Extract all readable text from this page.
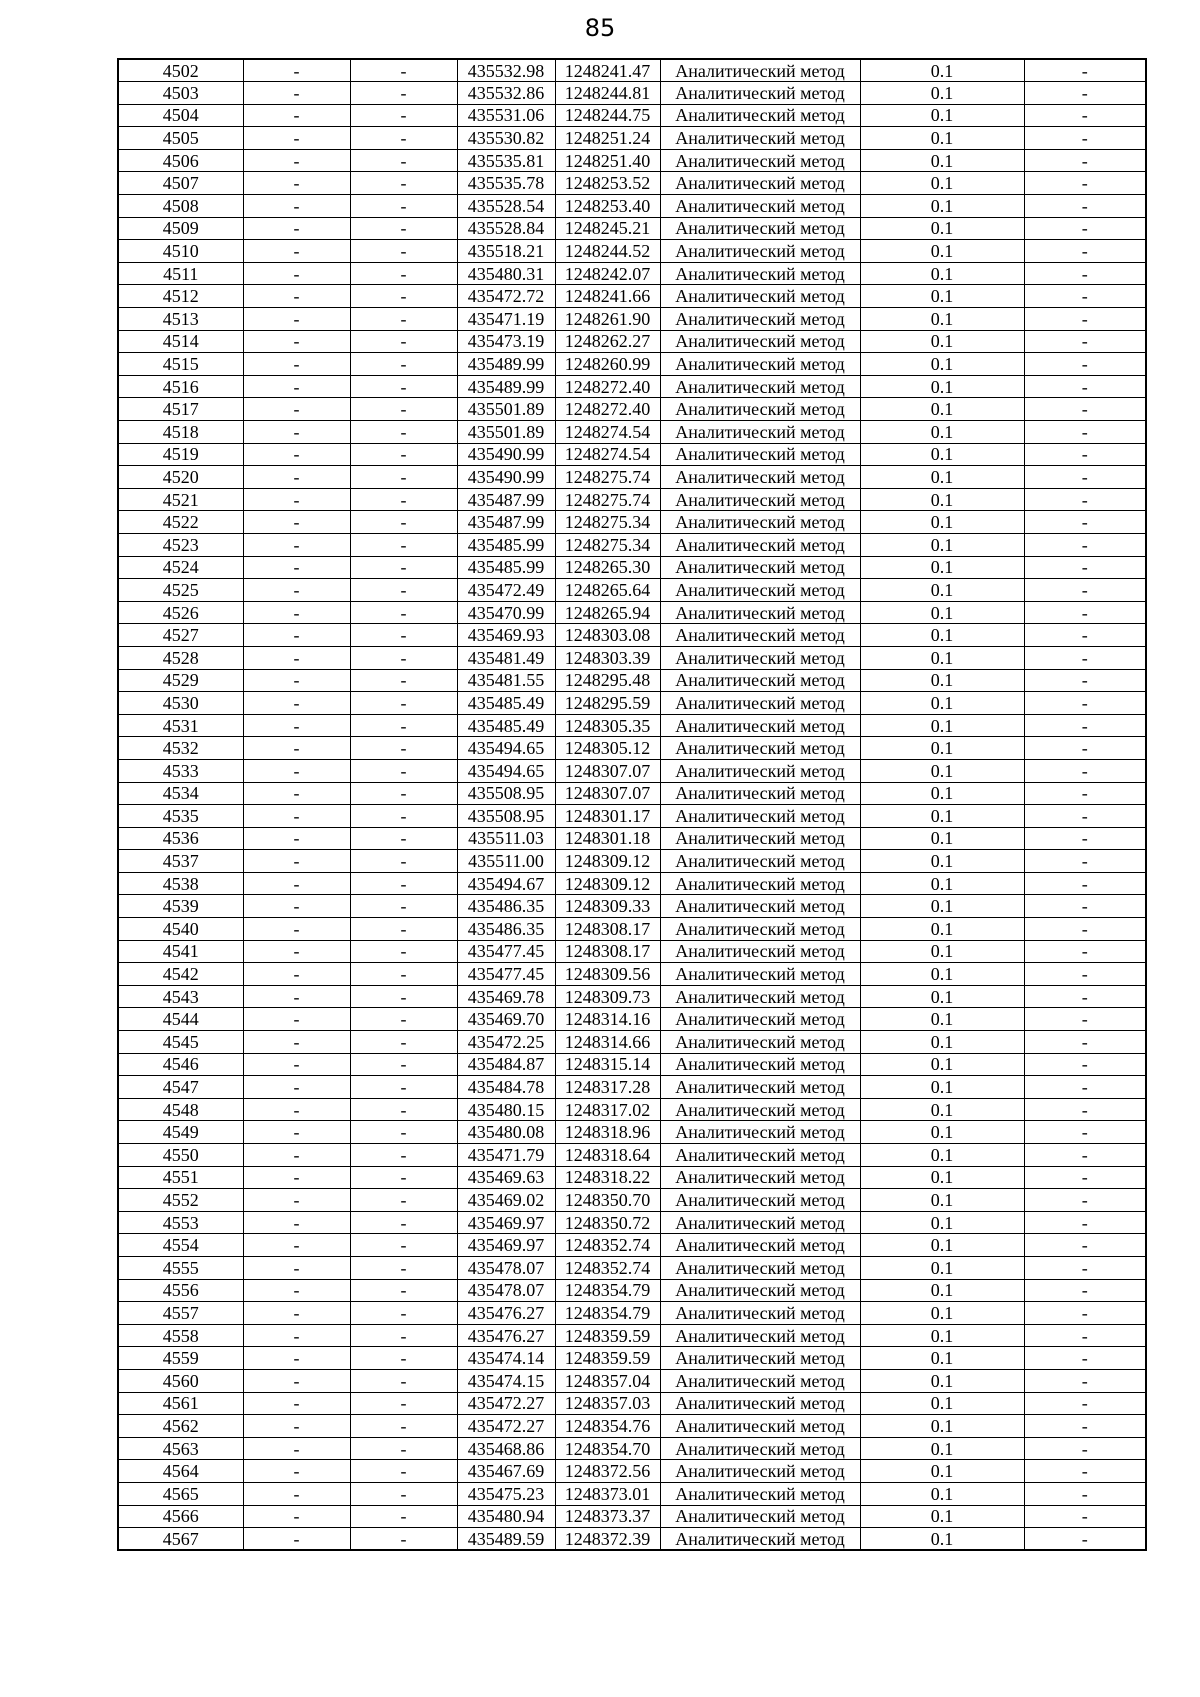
85
4502	-	-	435532.98	1248241.47	Аналитический метод	0.1	-
4503	-	-	435532.86	1248244.81	Аналитический метод	0.1	-
4504	-	-	435531.06	1248244.75	Аналитический метод	0.1	-
4505	-	-	435530.82	1248251.24	Аналитический метод	0.1	-
4506	-	-	435535.81	1248251.40	Аналитический метод	0.1	-
4507	-	-	435535.78	1248253.52	Аналитический метод	0.1	-
4508	-	-	435528.54	1248253.40	Аналитический метод	0.1	-
4509	-	-	435528.84	1248245.21	Аналитический метод	0.1	-
4510	-	-	435518.21	1248244.52	Аналитический метод	0.1	-
4511	-	-	435480.31	1248242.07	Аналитический метод	0.1	-
4512	-	-	435472.72	1248241.66	Аналитический метод	0.1	-
4513	-	-	435471.19	1248261.90	Аналитический метод	0.1	-
4514	-	-	435473.19	1248262.27	Аналитический метод	0.1	-
4515	-	-	435489.99	1248260.99	Аналитический метод	0.1	-
4516	-	-	435489.99	1248272.40	Аналитический метод	0.1	-
4517	-	-	435501.89	1248272.40	Аналитический метод	0.1	-
4518	-	-	435501.89	1248274.54	Аналитический метод	0.1	-
4519	-	-	435490.99	1248274.54	Аналитический метод	0.1	-
4520	-	-	435490.99	1248275.74	Аналитический метод	0.1	-
4521	-	-	435487.99	1248275.74	Аналитический метод	0.1	-
4522	-	-	435487.99	1248275.34	Аналитический метод	0.1	-
4523	-	-	435485.99	1248275.34	Аналитический метод	0.1	-
4524	-	-	435485.99	1248265.30	Аналитический метод	0.1	-
4525	-	-	435472.49	1248265.64	Аналитический метод	0.1	-
4526	-	-	435470.99	1248265.94	Аналитический метод	0.1	-
4527	-	-	435469.93	1248303.08	Аналитический метод	0.1	-
4528	-	-	435481.49	1248303.39	Аналитический метод	0.1	-
4529	-	-	435481.55	1248295.48	Аналитический метод	0.1	-
4530	-	-	435485.49	1248295.59	Аналитический метод	0.1	-
4531	-	-	435485.49	1248305.35	Аналитический метод	0.1	-
4532	-	-	435494.65	1248305.12	Аналитический метод	0.1	-
4533	-	-	435494.65	1248307.07	Аналитический метод	0.1	-
4534	-	-	435508.95	1248307.07	Аналитический метод	0.1	-
4535	-	-	435508.95	1248301.17	Аналитический метод	0.1	-
4536	-	-	435511.03	1248301.18	Аналитический метод	0.1	-
4537	-	-	435511.00	1248309.12	Аналитический метод	0.1	-
4538	-	-	435494.67	1248309.12	Аналитический метод	0.1	-
4539	-	-	435486.35	1248309.33	Аналитический метод	0.1	-
4540	-	-	435486.35	1248308.17	Аналитический метод	0.1	-
4541	-	-	435477.45	1248308.17	Аналитический метод	0.1	-
4542	-	-	435477.45	1248309.56	Аналитический метод	0.1	-
4543	-	-	435469.78	1248309.73	Аналитический метод	0.1	-
4544	-	-	435469.70	1248314.16	Аналитический метод	0.1	-
4545	-	-	435472.25	1248314.66	Аналитический метод	0.1	-
4546	-	-	435484.87	1248315.14	Аналитический метод	0.1	-
4547	-	-	435484.78	1248317.28	Аналитический метод	0.1	-
4548	-	-	435480.15	1248317.02	Аналитический метод	0.1	-
4549	-	-	435480.08	1248318.96	Аналитический метод	0.1	-
4550	-	-	435471.79	1248318.64	Аналитический метод	0.1	-
4551	-	-	435469.63	1248318.22	Аналитический метод	0.1	-
4552	-	-	435469.02	1248350.70	Аналитический метод	0.1	-
4553	-	-	435469.97	1248350.72	Аналитический метод	0.1	-
4554	-	-	435469.97	1248352.74	Аналитический метод	0.1	-
4555	-	-	435478.07	1248352.74	Аналитический метод	0.1	-
4556	-	-	435478.07	1248354.79	Аналитический метод	0.1	-
4557	-	-	435476.27	1248354.79	Аналитический метод	0.1	-
4558	-	-	435476.27	1248359.59	Аналитический метод	0.1	-
4559	-	-	435474.14	1248359.59	Аналитический метод	0.1	-
4560	-	-	435474.15	1248357.04	Аналитический метод	0.1	-
4561	-	-	435472.27	1248357.03	Аналитический метод	0.1	-
4562	-	-	435472.27	1248354.76	Аналитический метод	0.1	-
4563	-	-	435468.86	1248354.70	Аналитический метод	0.1	-
4564	-	-	435467.69	1248372.56	Аналитический метод	0.1	-
4565	-	-	435475.23	1248373.01	Аналитический метод	0.1	-
4566	-	-	435480.94	1248373.37	Аналитический метод	0.1	-
4567	-	-	435489.59	1248372.39	Аналитический метод	0.1	-
